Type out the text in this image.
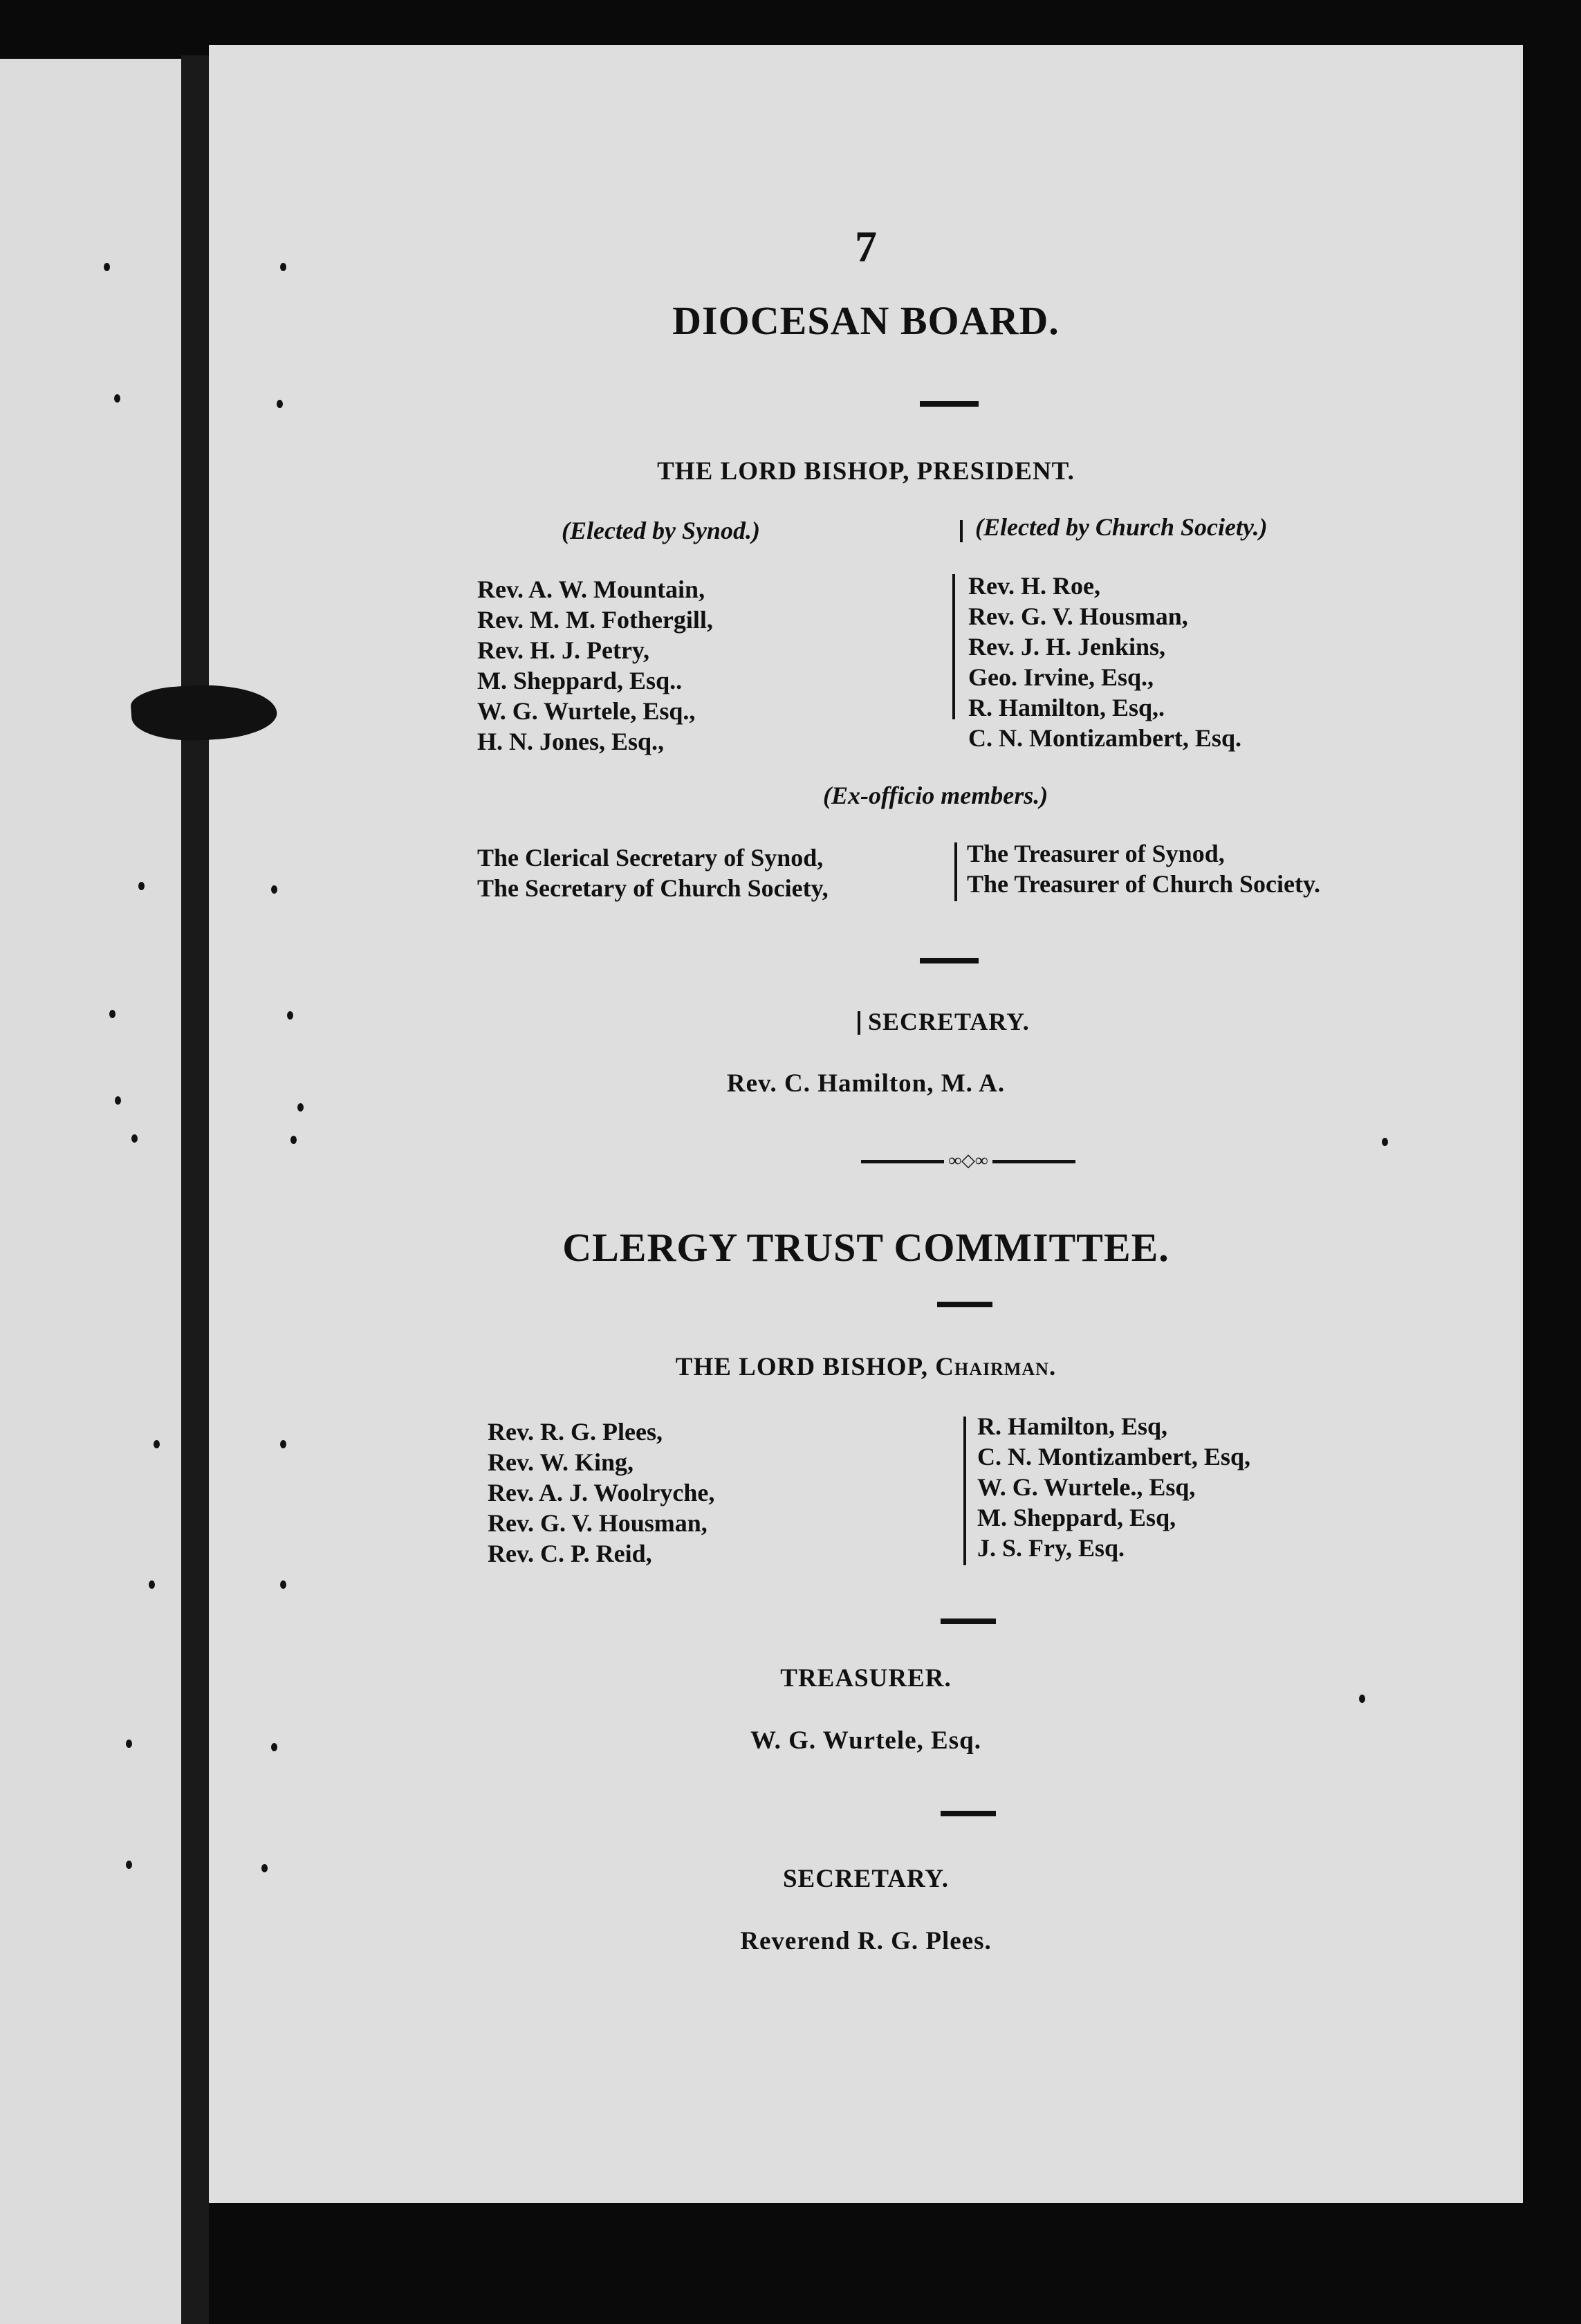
7
DIOCESAN BOARD.
THE LORD BISHOP, PRESIDENT.
(Elected by Synod.)	(Elected by Church Society.)
Rev. A. W. Mountain,
Rev. M. M. Fothergill,
Rev. H. J. Petry,
M. Sheppard, Esq..
W. G. Wurtele, Esq.,
H. N. Jones, Esq.,
Rev. H. Roe,
Rev. G. V. Housman,
Rev. J. H. Jenkins,
Geo. Irvine, Esq.,
R. Hamilton, Esq,.
C. N. Montizambert, Esq.
(Ex-officio members.)
The Clerical Secretary of Synod,
The Secretary of Church Society,
The Treasurer of Synod,
The Treasurer of Church Society.
SECRETARY.
Rev. C. Hamilton, M. A.
∞◇∞
CLERGY TRUST COMMITTEE.
THE LORD BISHOP, Chairman.
Rev. R. G. Plees,
Rev. W. King,
Rev. A. J. Woolryche,
Rev. G. V. Housman,
Rev. C. P. Reid,
R. Hamilton, Esq,
C. N. Montizambert, Esq,
W. G. Wurtele., Esq,
M. Sheppard, Esq,
J. S. Fry, Esq.
TREASURER.
W. G. Wurtele, Esq.
SECRETARY.
Reverend R. G. Plees.
